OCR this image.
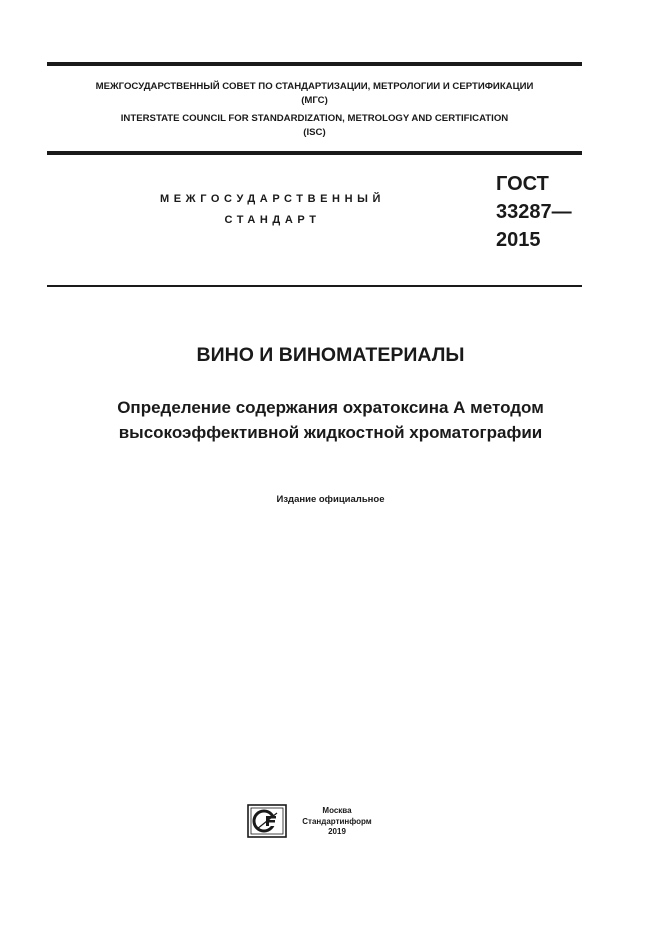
МЕЖГОСУДАРСТВЕННЫЙ СОВЕТ ПО СТАНДАРТИЗАЦИИ, МЕТРОЛОГИИ И СЕРТИФИКАЦИИ
(МГС)
INTERSTATE COUNCIL FOR STANDARDIZATION, METROLOGY AND CERTIFICATION
(ISC)
МЕЖГОСУДАРСТВЕННЫЙ
СТАНДАРТ
ГОСТ
33287—
2015
ВИНО И ВИНОМАТЕРИАЛЫ
Определение содержания охратоксина А методом
высокоэффективной жидкостной хроматографии
Издание официальное
Москва
Стандартинформ
2019
